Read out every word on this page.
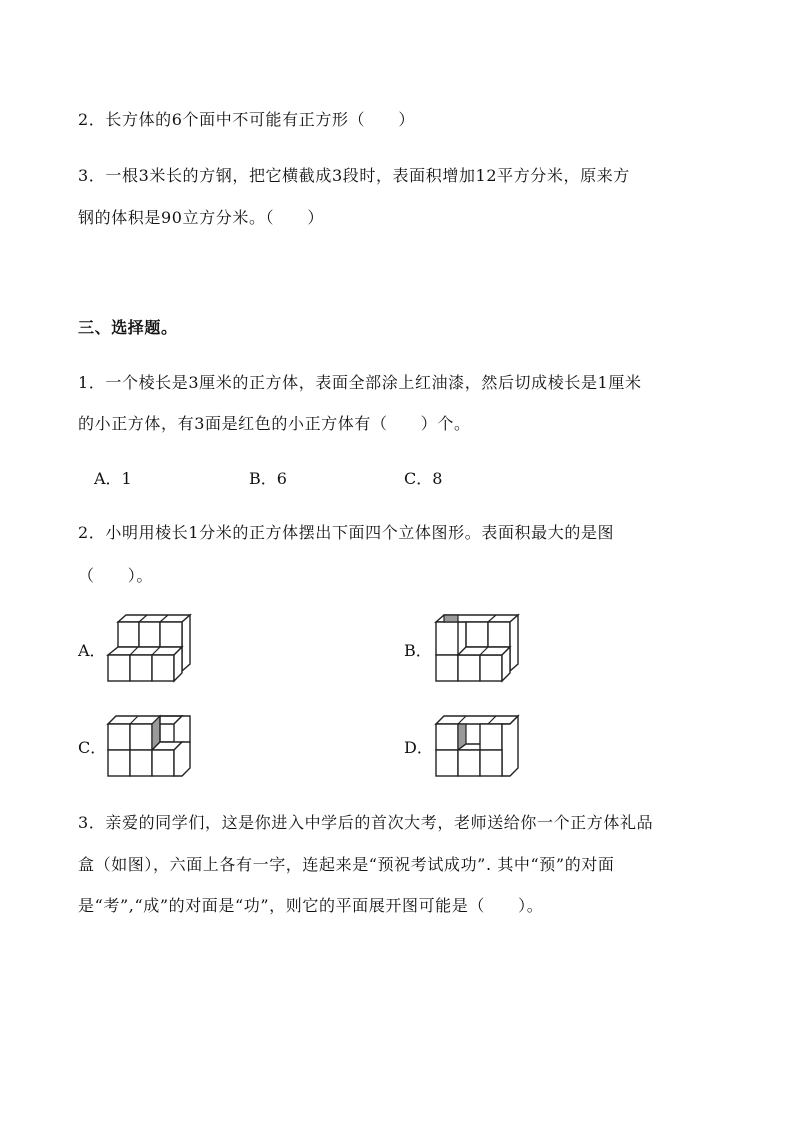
2．长方体的6个面中不可能有正方形（　　）
3．一根3米长的方钢，把它横截成3段时，表面积增加12平方分米，原来方
钢的体积是90立方分米。（　　）
三、选择题。
1．一个棱长是3厘米的正方体，表面全部涂上红油漆，然后切成棱长是1厘米
的小正方体，有3面是红色的小正方体有（　　）个。
A．1	B．6	C．8
2．小明用棱长1分米的正方体摆出下面四个立体图形。表面积最大的是图
（　　）。
A．	B．
C．	D．
3．亲爱的同学们，这是你进入中学后的首次大考，老师送给你一个正方体礼品
盒（如图），六面上各有一字，连起来是“预祝考试成功”. 其中“预”的对面
是“考”,“成”的对面是“功”，则它的平面展开图可能是（　　）。
